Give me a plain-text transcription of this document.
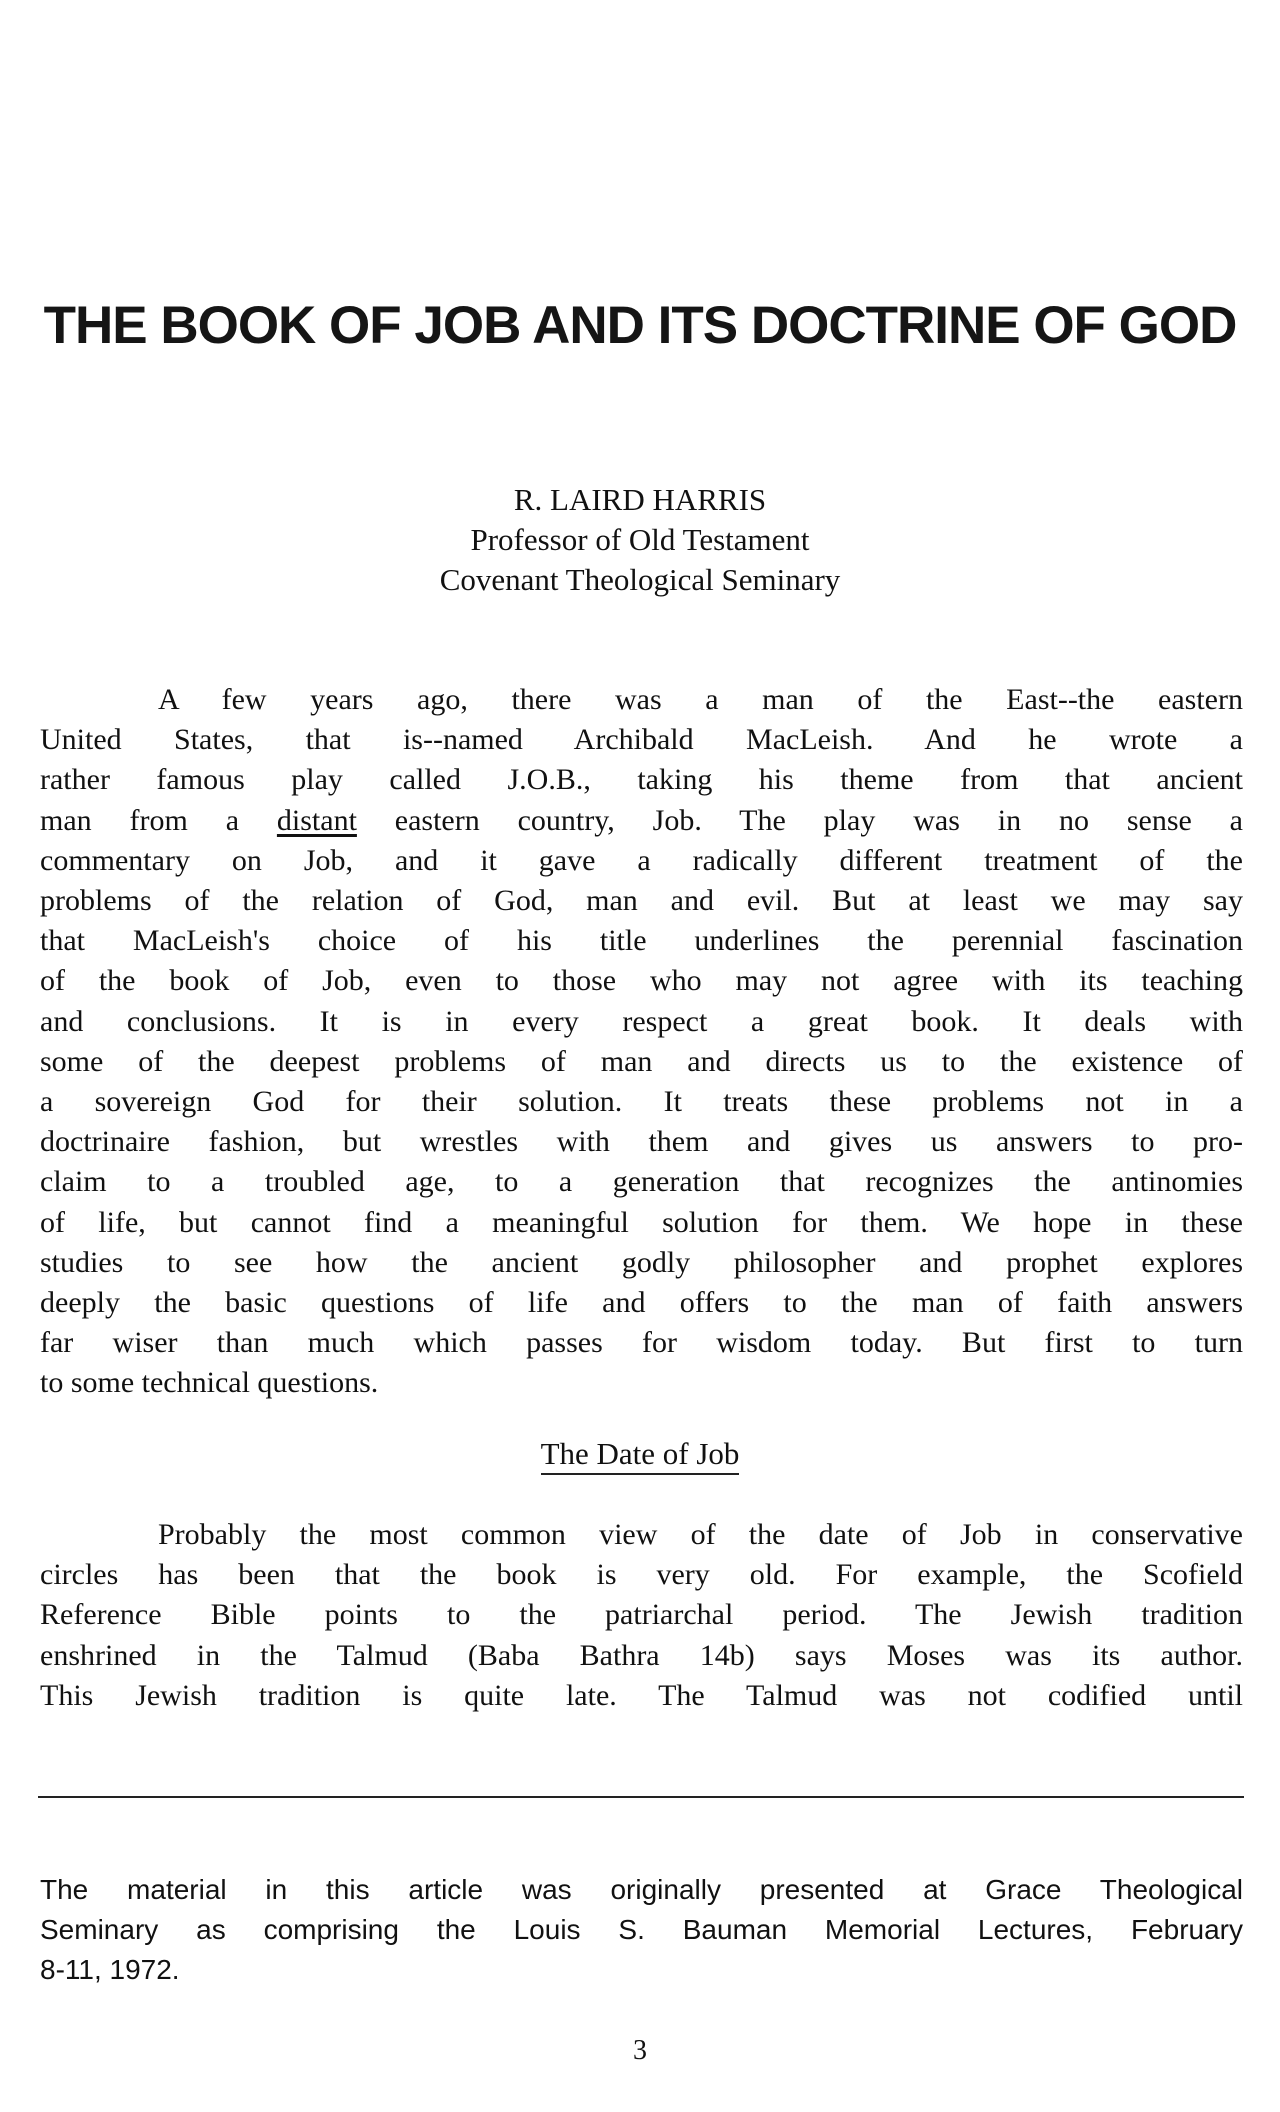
THE BOOK OF JOB AND ITS DOCTRINE OF GOD
R. LAIRD HARRIS
Professor of Old Testament
Covenant Theological Seminary

A few years ago, there was a man of the East--the eastern
United States, that is--named Archibald MacLeish. And he wrote a
rather famous play called J.O.B., taking his theme from that ancient
man from a distant eastern country, Job. The play was in no sense a
commentary on Job, and it gave a radically different treatment of the
problems of the relation of God, man and evil. But at least we may say
that MacLeish's choice of his title underlines the perennial fascination
of the book of Job, even to those who may not agree with its teaching
and conclusions. It is in every respect a great book. It deals with
some of the deepest problems of man and directs us to the existence of
a sovereign God for their solution. It treats these problems not in a
doctrinaire fashion, but wrestles with them and gives us answers to pro-
claim to a troubled age, to a generation that recognizes the antinomies
of life, but cannot find a meaningful solution for them. We hope in these
studies to see how the ancient godly philosopher and prophet explores
deeply the basic questions of life and offers to the man of faith answers
far wiser than much which passes for wisdom today. But first to turn
to some technical questions.

The Date of Job

Probably the most common view of the date of Job in conservative
circles has been that the book is very old. For example, the Scofield
Reference Bible points to the patriarchal period. The Jewish tradition
enshrined in the Talmud (Baba Bathra 14b) says Moses was its author.
This Jewish tradition is quite late. The Talmud was not codified until

The material in this article was originally presented at Grace Theological
Seminary as comprising the Louis S. Bauman Memorial Lectures, February
8-11, 1972.

3
